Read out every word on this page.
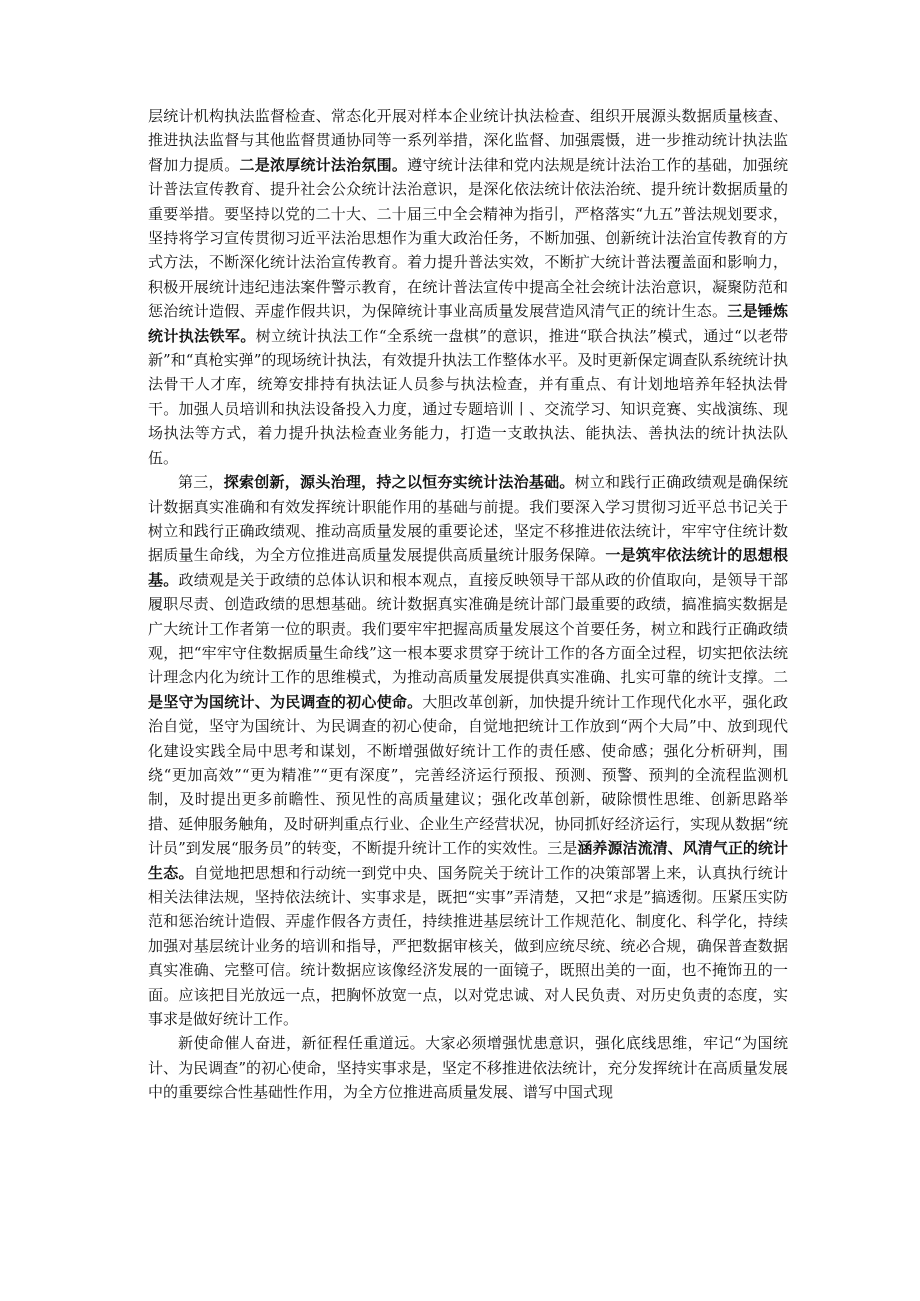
层统计机构执法监督检查、常态化开展对样本企业统计执法检查、组织开展源头数据质量核查、推进执法监督与其他监督贯通协同等一系列举措，深化监督、加强震慑，进一步推动统计执法监督加力提质。二是浓厚统计法治氛围。遵守统计法律和党内法规是统计法治工作的基础，加强统计普法宣传教育、提升社会公众统计法治意识，是深化依法统计依法治统、提升统计数据质量的重要举措。要坚持以党的二十大、二十届三中全会精神为指引，严格落实“九五”普法规划要求，坚持将学习宣传贯彻习近平法治思想作为重大政治任务，不断加强、创新统计法治宣传教育的方式方法，不断深化统计法治宣传教育。着力提升普法实效，不断扩大统计普法覆盖面和影响力，积极开展统计违纪违法案件警示教育，在统计普法宣传中提高全社会统计法治意识，凝聚防范和惩治统计造假、弄虚作假共识，为保障统计事业高质量发展营造风清气正的统计生态。三是锤炼统计执法铁军。树立统计执法工作“全系统一盘棋”的意识，推进“联合执法”模式，通过“以老带新”和“真枪实弹”的现场统计执法，有效提升执法工作整体水平。及时更新保定调查队系统统计执法骨干人才库，统筹安排持有执法证人员参与执法检查，并有重点、有计划地培养年轻执法骨干。加强人员培训和执法设备投入力度，通过专题培训丨、交流学习、知识竞赛、实战演练、现场执法等方式，着力提升执法检查业务能力，打造一支敢执法、能执法、善执法的统计执法队伍。

第三，探索创新，源头治理，持之以恒夯实统计法治基础。树立和践行正确政绩观是确保统计数据真实准确和有效发挥统计职能作用的基础与前提。我们要深入学习贯彻习近平总书记关于树立和践行正确政绩观、推动高质量发展的重要论述，坚定不移推进依法统计，牢牢守住统计数据质量生命线，为全方位推进高质量发展提供高质量统计服务保障。一是筑牢依法统计的思想根基。政绩观是关于政绩的总体认识和根本观点，直接反映领导干部从政的价值取向，是领导干部履职尽责、创造政绩的思想基础。统计数据真实准确是统计部门最重要的政绩，搞准搞实数据是广大统计工作者第一位的职责。我们要牢牢把握高质量发展这个首要任务，树立和践行正确政绩观，把“牢牢守住数据质量生命线”这一根本要求贯穿于统计工作的各方面全过程，切实把依法统计理念内化为统计工作的思维模式，为推动高质量发展提供真实准确、扎实可靠的统计支撑。二是坚守为国统计、为民调查的初心使命。大胆改革创新，加快提升统计工作现代化水平，强化政治自觉，坚守为国统计、为民调查的初心使命，自觉地把统计工作放到“两个大局”中、放到现代化建设实践全局中思考和谋划，不断增强做好统计工作的责任感、使命感；强化分析研判，围绕“更加高效”“更为精准”“更有深度”，完善经济运行预报、预测、预警、预判的全流程监测机制，及时提出更多前瞻性、预见性的高质量建议；强化改革创新，破除惯性思维、创新思路举措、延伸服务触角，及时研判重点行业、企业生产经营状况，协同抓好经济运行，实现从数据“统计员”到发展“服务员”的转变，不断提升统计工作的实效性。三是涵养源洁流清、风清气正的统计生态。自觉地把思想和行动统一到党中央、国务院关于统计工作的决策部署上来，认真执行统计相关法律法规，坚持依法统计、实事求是，既把“实事”弄清楚，又把“求是”搞透彻。压紧压实防范和惩治统计造假、弄虚作假各方责任，持续推进基层统计工作规范化、制度化、科学化，持续加强对基层统计业务的培训和指导，严把数据审核关，做到应统尽统、统必合规，确保普查数据真实准确、完整可信。统计数据应该像经济发展的一面镜子，既照出美的一面，也不掩饰丑的一面。应该把目光放远一点，把胸怀放宽一点，以对党忠诚、对人民负责、对历史负责的态度，实事求是做好统计工作。

新使命催人奋进，新征程任重道远。大家必须增强忧患意识，强化底线思维，牢记“为国统计、为民调查”的初心使命，坚持实事求是，坚定不移推进依法统计，充分发挥统计在高质量发展中的重要综合性基础性作用，为全方位推进高质量发展、谱写中国式现
